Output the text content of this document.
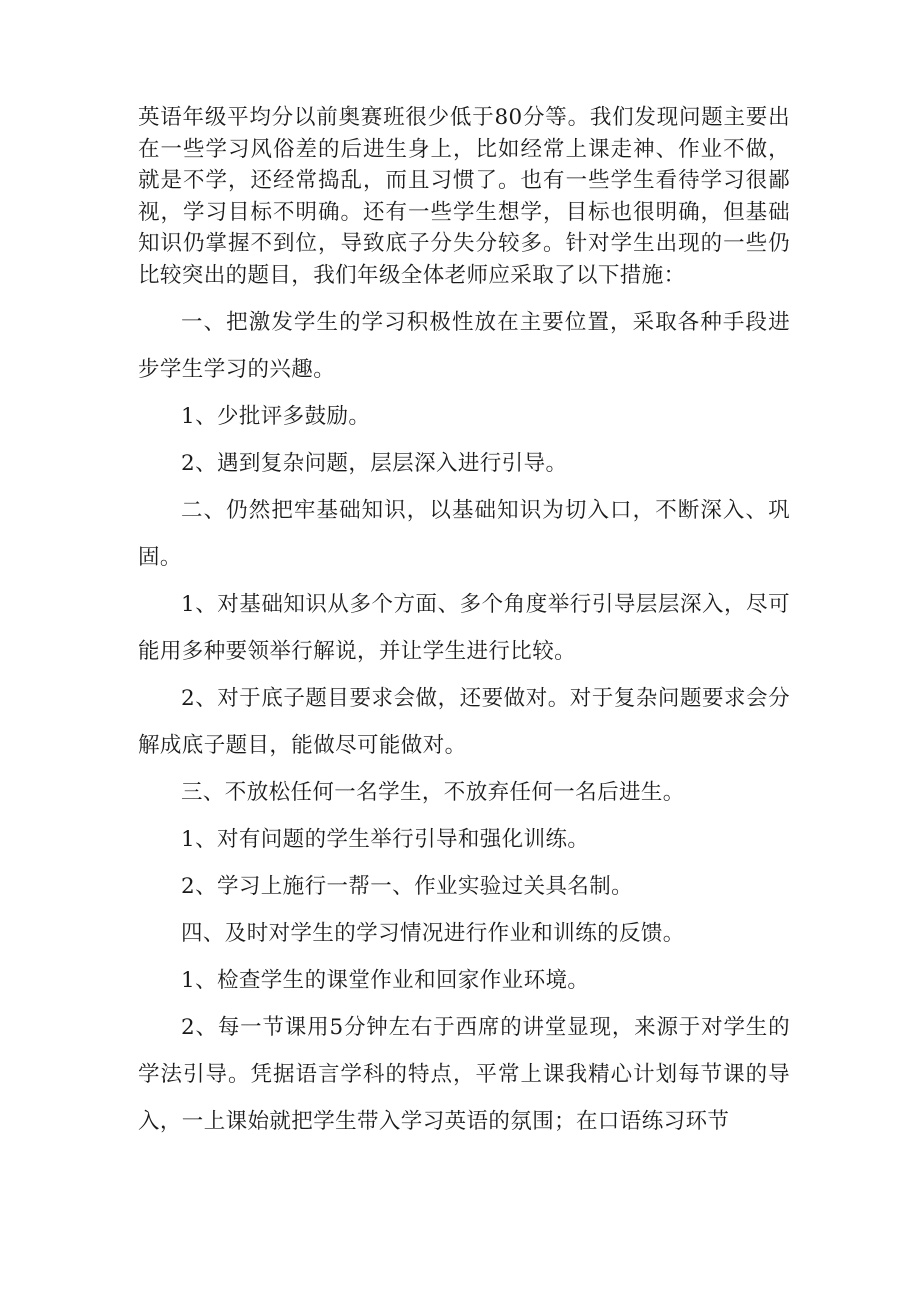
英语年级平均分以前奥赛班很少低于80分等。我们发现问题主要出在一些学习风俗差的后进生身上，比如经常上课走神、作业不做，就是不学，还经常捣乱，而且习惯了。也有一些学生看待学习很鄙视，学习目标不明确。还有一些学生想学，目标也很明确，但基础知识仍掌握不到位，导致底子分失分较多。针对学生出现的一些仍比较突出的题目，我们年级全体老师应采取了以下措施：

一、把激发学生的学习积极性放在主要位置，采取各种手段进步学生学习的兴趣。

1、少批评多鼓励。

2、遇到复杂问题，层层深入进行引导。

二、仍然把牢基础知识，以基础知识为切入口，不断深入、巩固。

1、对基础知识从多个方面、多个角度举行引导层层深入，尽可能用多种要领举行解说，并让学生进行比较。

2、对于底子题目要求会做，还要做对。对于复杂问题要求会分解成底子题目，能做尽可能做对。

三、不放松任何一名学生，不放弃任何一名后进生。

1、对有问题的学生举行引导和强化训练。

2、学习上施行一帮一、作业实验过关具名制。

四、及时对学生的学习情况进行作业和训练的反馈。

1、检查学生的课堂作业和回家作业环境。

2、每一节课用5分钟左右于西席的讲堂显现，来源于对学生的学法引导。凭据语言学科的特点，平常上课我精心计划每节课的导入，一上课始就把学生带入学习英语的氛围；在口语练习环节
